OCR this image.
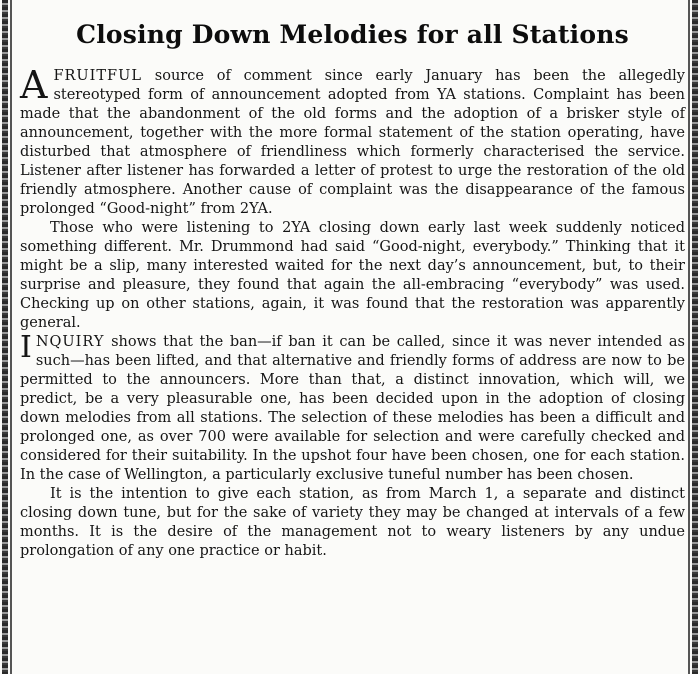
Closing Down Melodies for all Stations

AFRUITFUL source of comment since early January has been the allegedly stereotyped form of announcement adopted from YA stations. Complaint has been made that the abandonment of the old forms and the adoption of a brisker style of announcement, together with the more formal statement of the station operating, have disturbed that atmosphere of friendliness which formerly characterised the service. Listener after listener has forwarded a letter of protest to urge the restoration of the old friendly atmosphere. Another cause of complaint was the disappearance of the famous prolonged “Good-night” from 2YA.

Those who were listening to 2YA closing down early last week suddenly noticed something different. Mr. Drummond had said “Good-night, everybody.” Thinking that it might be a slip, many interested waited for the next day’s announcement, but, to their surprise and pleasure, they found that again the all-embracing “everybody” was used. Checking up on other stations, again, it was found that the restoration was apparently general.

INQUIRY shows that the ban—if ban it can be called, since it was never intended as such—has been lifted, and that alternative and friendly forms of address are now to be permitted to the announcers. More than that, a distinct innovation, which will, we predict, be a very pleasurable one, has been decided upon in the adoption of closing down melodies from all stations. The selection of these melodies has been a difficult and prolonged one, as over 700 were available for selection and were carefully checked and considered for their suitability. In the upshot four have been chosen, one for each station. In the case of Wellington, a particularly exclusive tuneful number has been chosen.

It is the intention to give each station, as from March 1, a separate and distinct closing down tune, but for the sake of variety they may be changed at intervals of a few months. It is the desire of the management not to weary listeners by any undue prolongation of any one practice or habit.
